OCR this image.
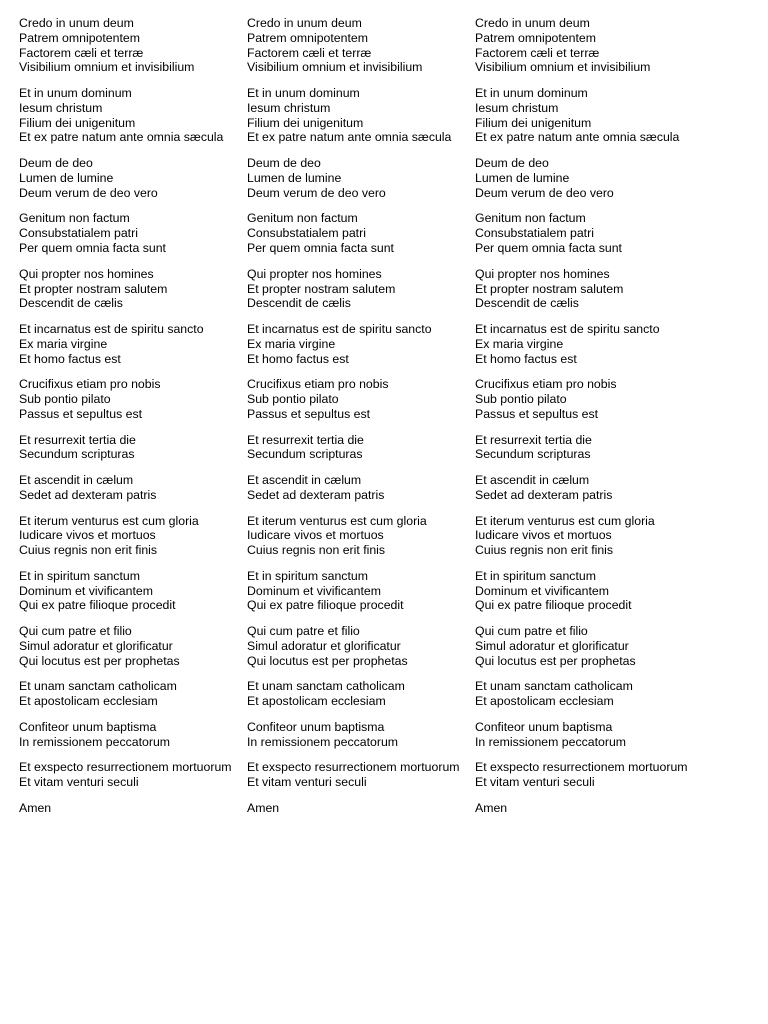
Credo in unum deum
Patrem omnipotentem
Factorem cæli et terræ
Visibilium omnium et invisibilium
Et in unum dominum
Iesum christum
Filium dei unigenitum
Et ex patre natum ante omnia sæcula
Deum de deo
Lumen de lumine
Deum verum de deo vero
Genitum non factum
Consubstatialem patri
Per quem omnia facta sunt
Qui propter nos homines
Et propter nostram salutem
Descendit de cælis
Et incarnatus est de spiritu sancto
Ex maria virgine
Et homo factus est
Crucifixus etiam pro nobis
Sub pontio pilato
Passus et sepultus est
Et resurrexit tertia die
Secundum scripturas
Et ascendit in cælum
Sedet ad dexteram patris
Et iterum venturus est cum gloria
Iudicare vivos et mortuos
Cuius regnis non erit finis
Et in spiritum sanctum
Dominum et vivificantem
Qui ex patre filioque procedit
Qui cum patre et filio
Simul adoratur et glorificatur
Qui locutus est per prophetas
Et unam sanctam catholicam
Et apostolicam ecclesiam
Confiteor unum baptisma
In remissionem peccatorum
Et exspecto resurrectionem mortuorum
Et vitam venturi seculi
Amen
Credo in unum deum
Patrem omnipotentem
Factorem cæli et terræ
Visibilium omnium et invisibilium
Et in unum dominum
Iesum christum
Filium dei unigenitum
Et ex patre natum ante omnia sæcula
Deum de deo
Lumen de lumine
Deum verum de deo vero
Genitum non factum
Consubstatialem patri
Per quem omnia facta sunt
Qui propter nos homines
Et propter nostram salutem
Descendit de cælis
Et incarnatus est de spiritu sancto
Ex maria virgine
Et homo factus est
Crucifixus etiam pro nobis
Sub pontio pilato
Passus et sepultus est
Et resurrexit tertia die
Secundum scripturas
Et ascendit in cælum
Sedet ad dexteram patris
Et iterum venturus est cum gloria
Iudicare vivos et mortuos
Cuius regnis non erit finis
Et in spiritum sanctum
Dominum et vivificantem
Qui ex patre filioque procedit
Qui cum patre et filio
Simul adoratur et glorificatur
Qui locutus est per prophetas
Et unam sanctam catholicam
Et apostolicam ecclesiam
Confiteor unum baptisma
In remissionem peccatorum
Et exspecto resurrectionem mortuorum
Et vitam venturi seculi
Amen
Credo in unum deum
Patrem omnipotentem
Factorem cæli et terræ
Visibilium omnium et invisibilium
Et in unum dominum
Iesum christum
Filium dei unigenitum
Et ex patre natum ante omnia sæcula
Deum de deo
Lumen de lumine
Deum verum de deo vero
Genitum non factum
Consubstatialem patri
Per quem omnia facta sunt
Qui propter nos homines
Et propter nostram salutem
Descendit de cælis
Et incarnatus est de spiritu sancto
Ex maria virgine
Et homo factus est
Crucifixus etiam pro nobis
Sub pontio pilato
Passus et sepultus est
Et resurrexit tertia die
Secundum scripturas
Et ascendit in cælum
Sedet ad dexteram patris
Et iterum venturus est cum gloria
Iudicare vivos et mortuos
Cuius regnis non erit finis
Et in spiritum sanctum
Dominum et vivificantem
Qui ex patre filioque procedit
Qui cum patre et filio
Simul adoratur et glorificatur
Qui locutus est per prophetas
Et unam sanctam catholicam
Et apostolicam ecclesiam
Confiteor unum baptisma
In remissionem peccatorum
Et exspecto resurrectionem mortuorum
Et vitam venturi seculi
Amen
